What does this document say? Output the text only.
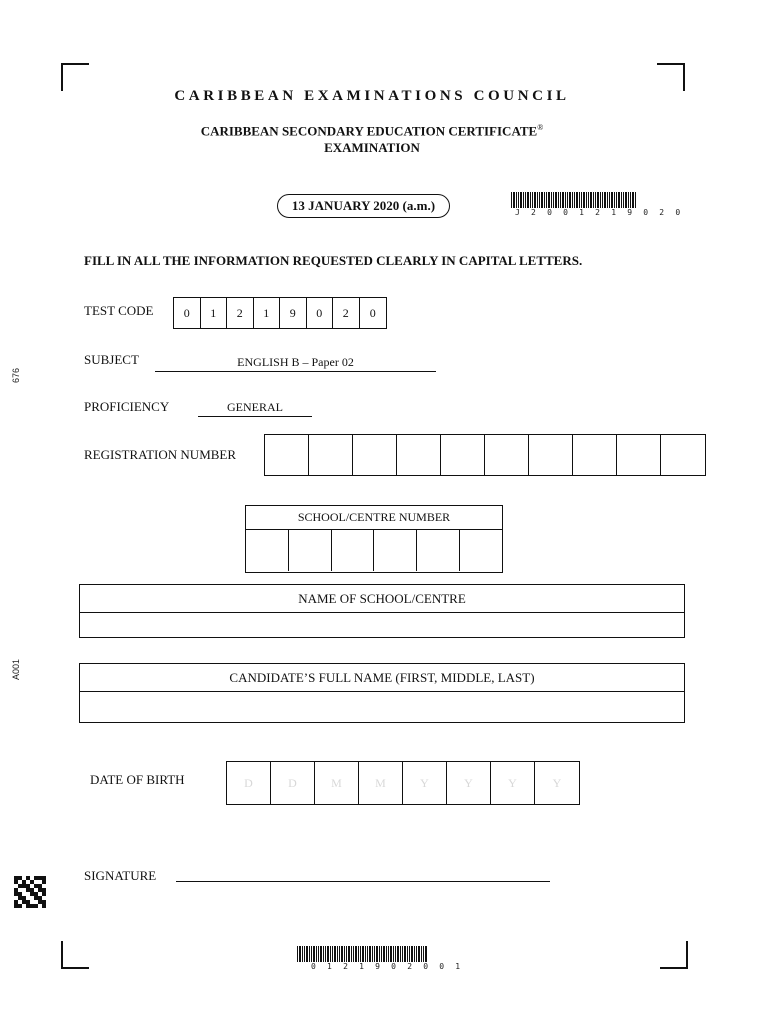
CARIBBEAN EXAMINATIONS COUNCIL
CARIBBEAN SECONDARY EDUCATION CERTIFICATE®
EXAMINATION
13 JANUARY 2020 (a.m.)	J 2 0 0 1 2 1 9 0 2 0
FILL IN ALL THE INFORMATION REQUESTED CLEARLY IN CAPITAL LETTERS.
TEST CODE	0	1	2	1	9	0	2	0
SUBJECT	ENGLISH B – Paper 02
PROFICIENCY	GENERAL
REGISTRATION NUMBER
SCHOOL/CENTRE NUMBER
NAME OF SCHOOL/CENTRE
CANDIDATE’S FULL NAME (FIRST, MIDDLE, LAST)
DATE OF BIRTH	D	D	M	M	Y	Y	Y	Y
SIGNATURE
676
A001
0 1 2 1 9 0 2 0 0 1
